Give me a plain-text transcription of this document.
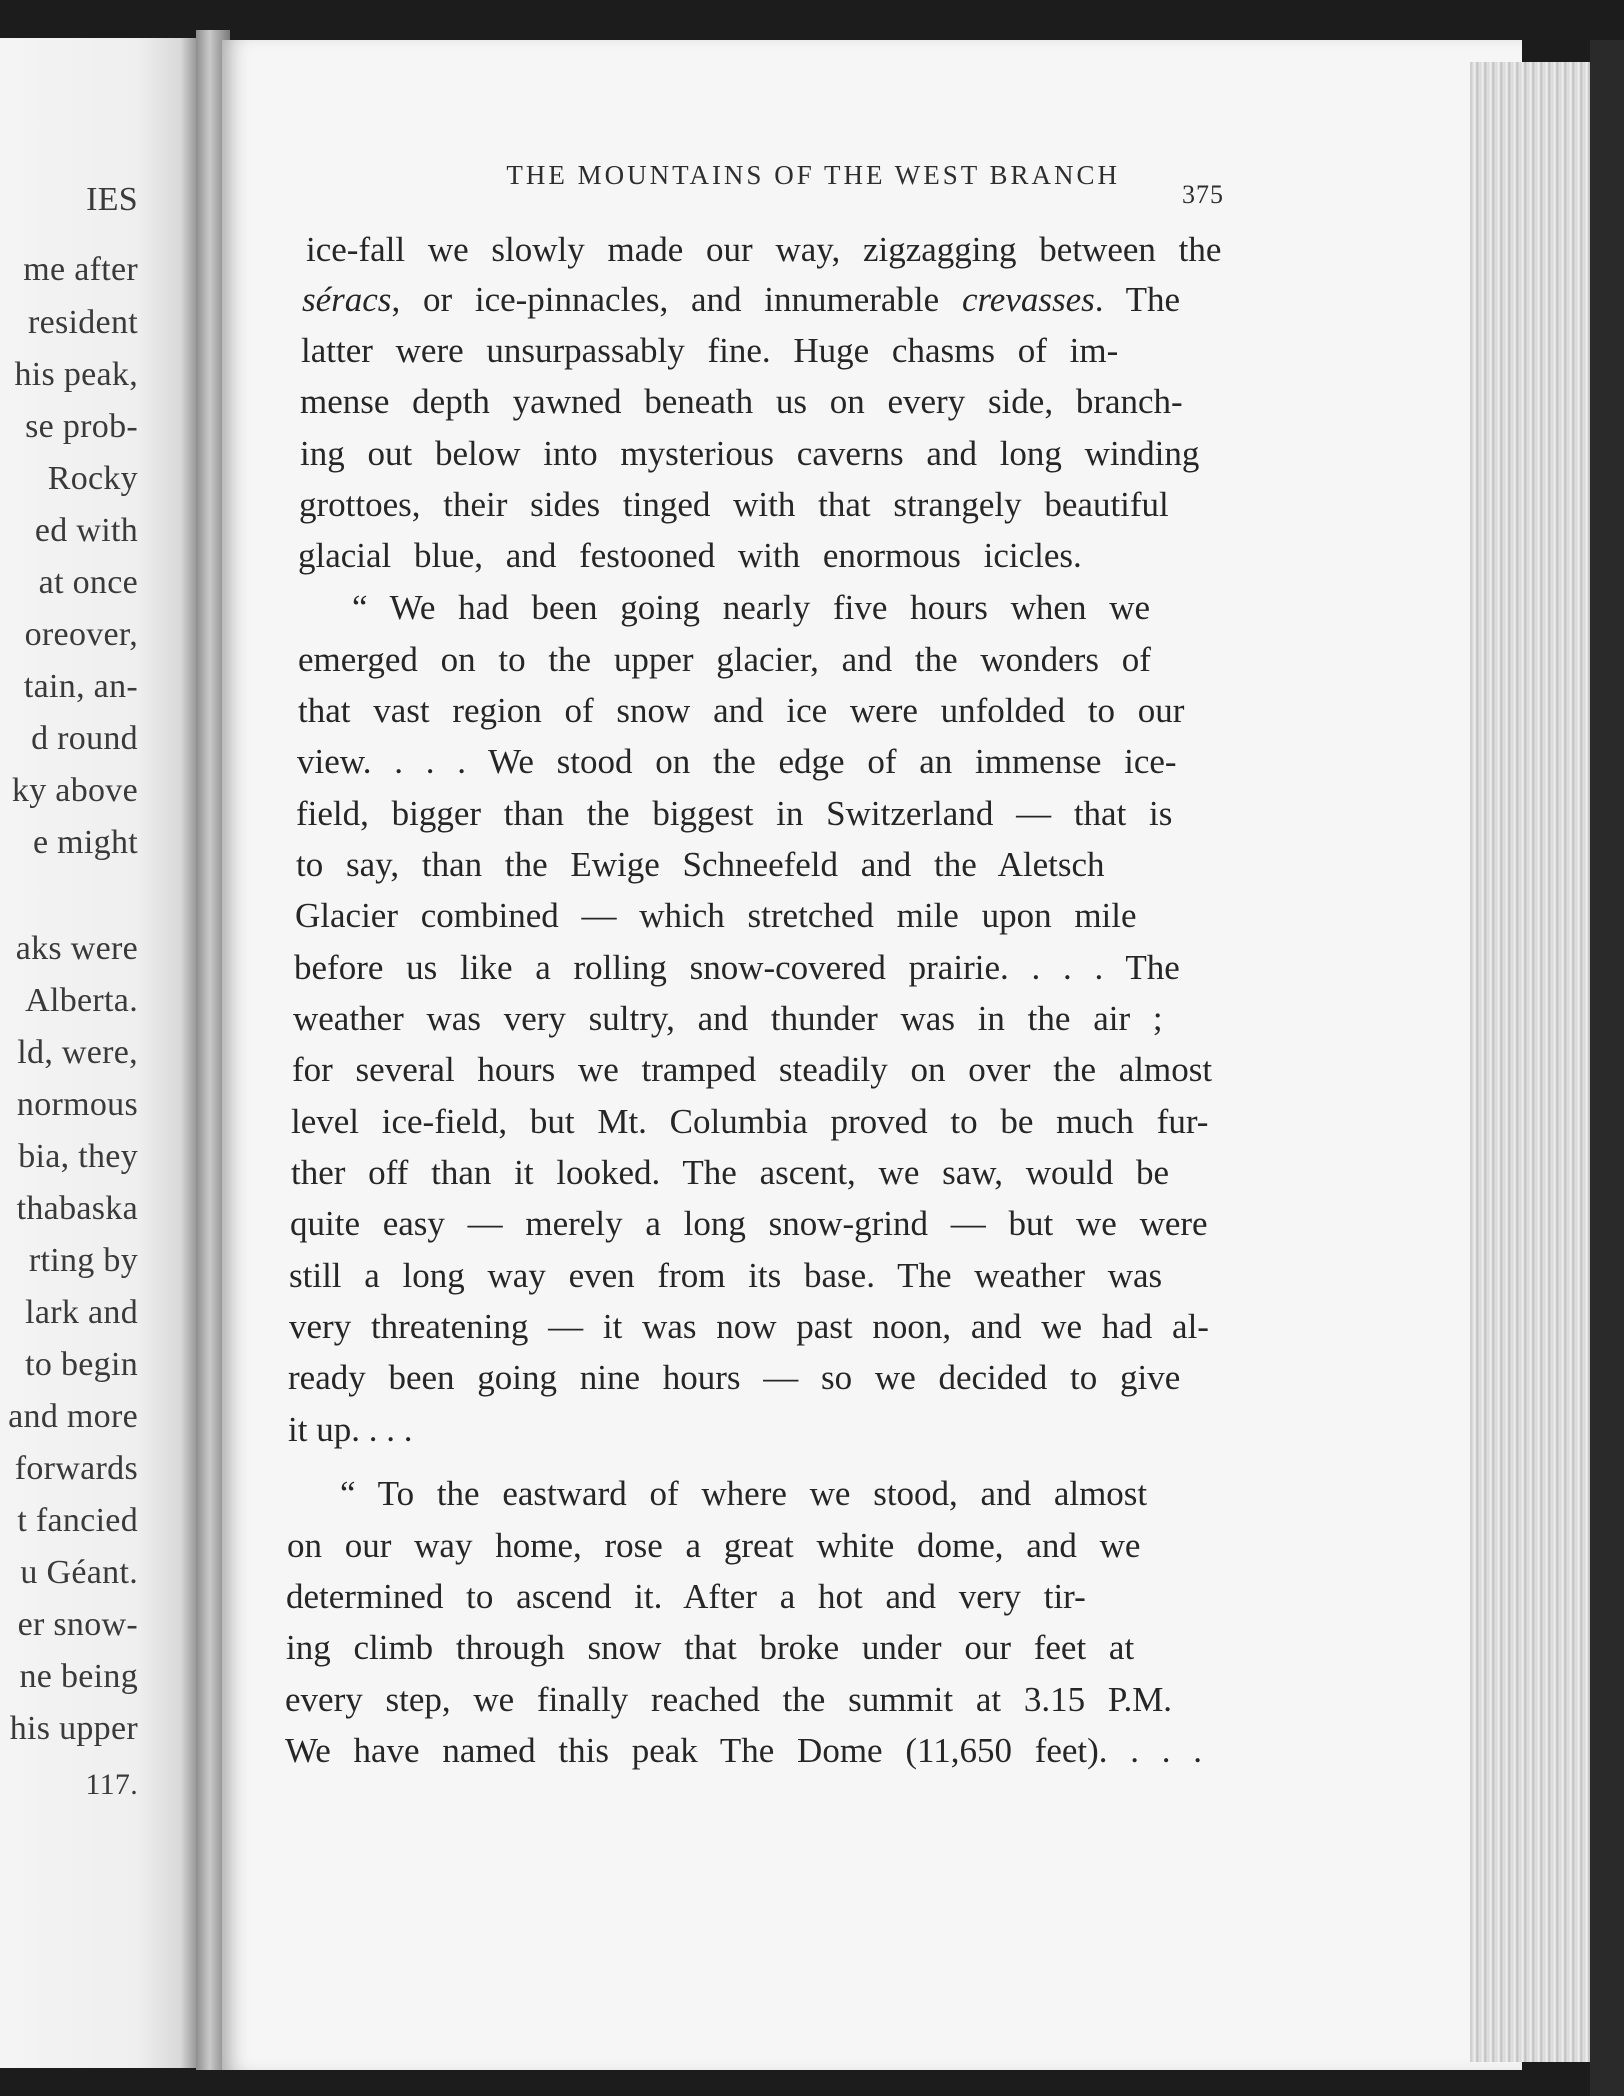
IES
me after
resident
his peak,
se prob-
Rocky
ed with
at once
oreover,
tain, an-
d round
ky above
e might
aks were
Alberta.
ld, were,
normous
bia, they
thabaska
rting by
lark and
to begin
and more
forwards
t fancied
u Géant.
er snow-
ne being
his upper
117.
THE MOUNTAINS OF THE WEST BRANCH
375
ice-fall we slowly made our way, zigzagging between the
séracs, or ice-pinnacles, and innumerable crevasses. The
latter were unsurpassably fine. Huge chasms of im-
mense depth yawned beneath us on every side, branch-
ing out below into mysterious caverns and long winding
grottoes, their sides tinged with that strangely beautiful
glacial blue, and festooned with enormous icicles.
“ We had been going nearly five hours when we
emerged on to the upper glacier, and the wonders of
that vast region of snow and ice were unfolded to our
view. . . . We stood on the edge of an immense ice-
field, bigger than the biggest in Switzerland — that is
to say, than the Ewige Schneefeld and the Aletsch
Glacier combined — which stretched mile upon mile
before us like a rolling snow-covered prairie. . . . The
weather was very sultry, and thunder was in the air ;
for several hours we tramped steadily on over the almost
level ice-field, but Mt. Columbia proved to be much fur-
ther off than it looked. The ascent, we saw, would be
quite easy — merely a long snow-grind — but we were
still a long way even from its base. The weather was
very threatening — it was now past noon, and we had al-
ready been going nine hours — so we decided to give
it up. . . .
“ To the eastward of where we stood, and almost
on our way home, rose a great white dome, and we
determined to ascend it. After a hot and very tir-
ing climb through snow that broke under our feet at
every step, we finally reached the summit at 3.15 P.M.
We have named this peak The Dome (11,650 feet). . . .
